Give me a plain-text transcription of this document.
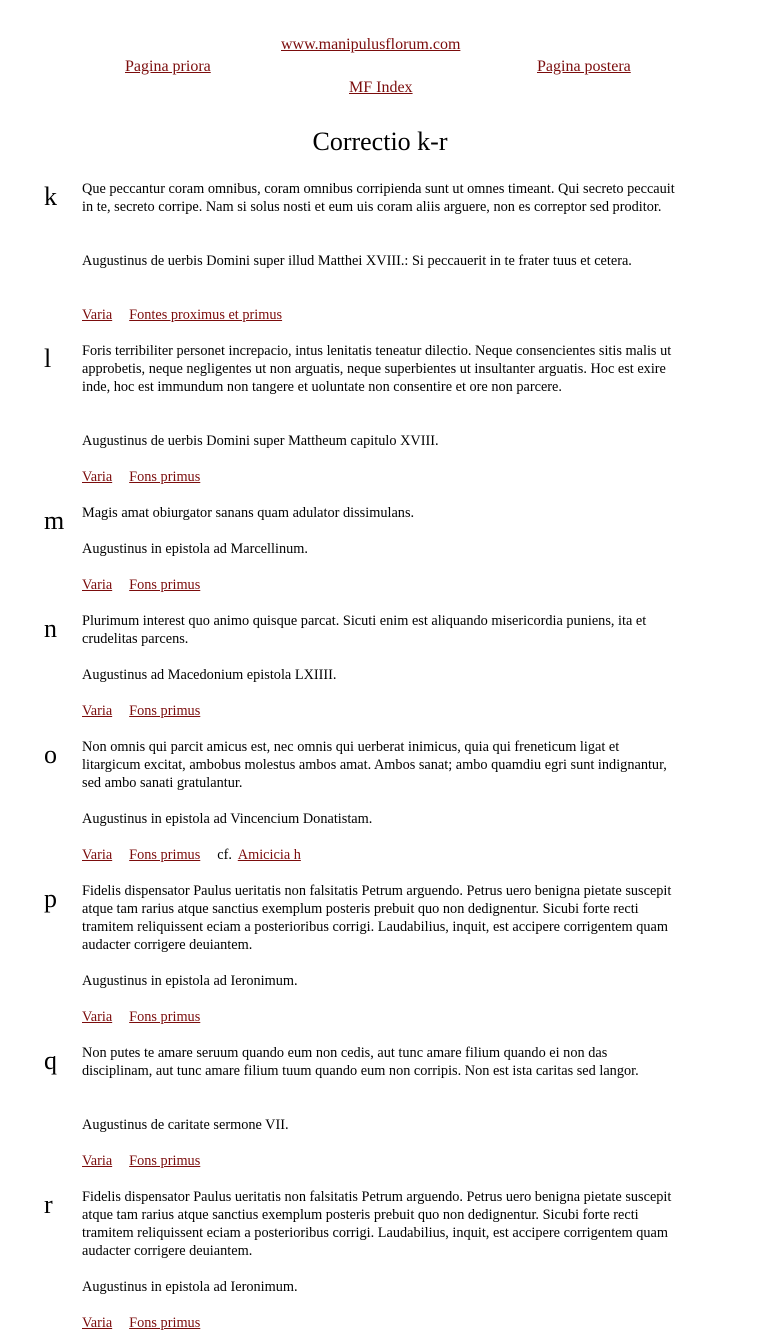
www.manipulusflorum.com
Pagina priora	Pagina postera
MF Index
Correctio k-r
k Que peccantur coram omnibus, coram omnibus corripienda sunt ut omnes timeant. Qui secreto peccauit in te, secreto corripe. Nam si solus nosti et eum uis coram aliis arguere, non es correptor sed proditor.

Augustinus de uerbis Domini super illud Matthei XVIII.: Si peccauerit in te frater tuus et cetera.

Varia Fontes proximus et primus
l Foris terribiliter personet increpacio, intus lenitatis teneatur dilectio. Neque consencientes sitis malis ut approbetis, neque negligentes ut non arguatis, neque superbientes ut insultanter arguatis. Hoc est exire inde, hoc est immundum non tangere et uoluntate non consentire et ore non parcere.

Augustinus de uerbis Domini super Mattheum capitulo XVIII.

Varia Fons primus
m Magis amat obiurgator sanans quam adulator dissimulans.

Augustinus in epistola ad Marcellinum.

Varia Fons primus
n Plurimum interest quo animo quisque parcat. Sicuti enim est aliquando misericordia puniens, ita et crudelitas parcens.

Augustinus ad Macedonium epistola LXIIII.

Varia Fons primus
o Non omnis qui parcit amicus est, nec omnis qui uerberat inimicus, quia qui freneticum ligat et litargicum excitat, ambobus molestus ambos amat. Ambos sanat; ambo quamdiu egri sunt indignantur, sed ambo sanati gratulantur.

Augustinus in epistola ad Vincencium Donatistam.

Varia Fons primus cf. Amicicia h
p Fidelis dispensator Paulus ueritatis non falsitatis Petrum arguendo. Petrus uero benigna pietate suscepit atque tam rarius atque sanctius exemplum posteris prebuit quo non dedignentur. Sicubi forte recti tramitem reliquissent eciam a posterioribus corrigi. Laudabilius, inquit, est accipere corrigentem quam audacter corrigere deuiantem.

Augustinus in epistola ad Ieronimum.

Varia Fons primus
q Non putes te amare seruum quando eum non cedis, aut tunc amare filium quando ei non das disciplinam, aut tunc amare filium tuum quando eum non corripis. Non est ista caritas sed langor.

Augustinus de caritate sermone VII.

Varia Fons primus
r Fidelis dispensator Paulus ueritatis non falsitatis Petrum arguendo. Petrus uero benigna pietate suscepit atque tam rarius atque sanctius exemplum posteris prebuit quo non dedignentur. Sicubi forte recti tramitem reliquissent eciam a posterioribus corrigi. Laudabilius, inquit, est accipere corrigentem quam audacter corrigere deuiantem.

Augustinus in epistola ad Ieronimum.

Varia Fons primus
